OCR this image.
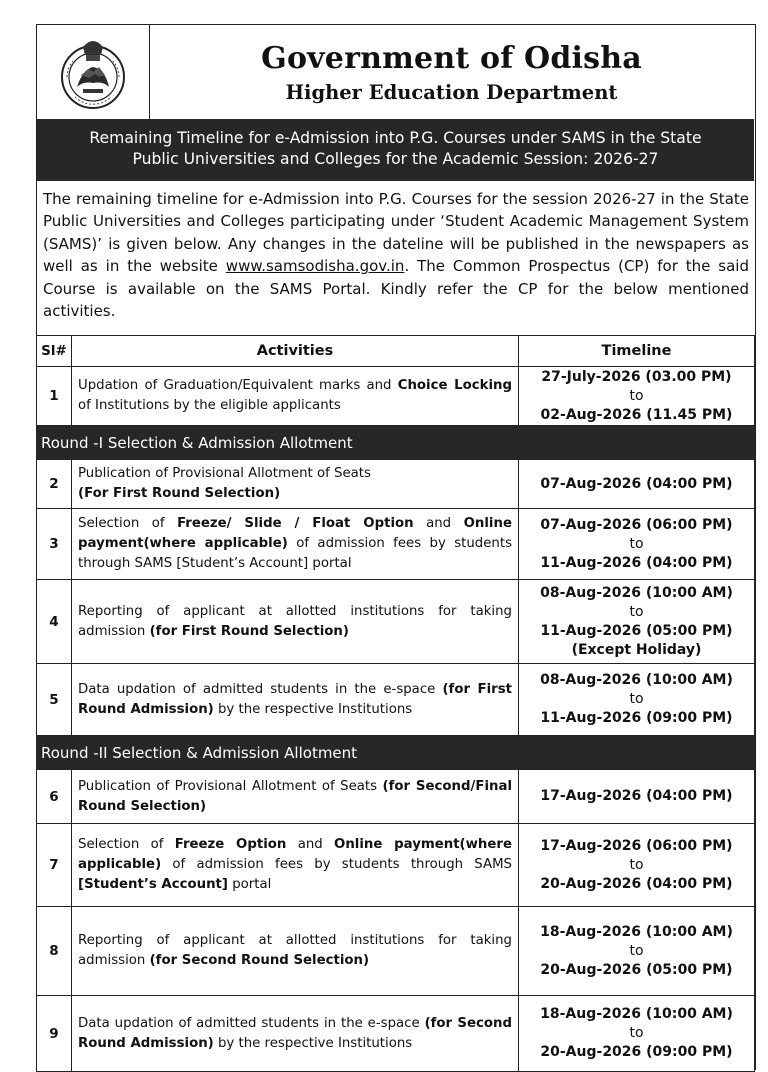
Government of Odisha
Higher Education Department
Remaining Timeline for e-Admission into P.G. Courses under SAMS in the State
Public Universities and Colleges for the Academic Session: 2026-27
The remaining timeline for e-Admission into P.G. Courses for the session 2026-27 in the State Public Universities and Colleges participating under ‘Student Academic Management System (SAMS)’ is given below. Any changes in the dateline will be published in the newspapers as well as in the website www.samsodisha.gov.in. The Common Prospectus (CP) for the said Course is available on the SAMS Portal. Kindly refer the CP for the below mentioned activities.
Sl#	Activities	Timeline
1	Updation of Graduation/Equivalent marks and Choice Locking of Institutions by the eligible applicants	27-July-2026 (03.00 PM)
to
02-Aug-2026 (11.45 PM)

Round -I Selection & Admission Allotment		
2	Publication of Provisional Allotment of Seats
(For First Round Selection)	07-Aug-2026 (04:00 PM)

3	Selection of Freeze/ Slide / Float Option and Online payment(where applicable) of admission fees by students through SAMS [Student’s Account] portal	07-Aug-2026 (06:00 PM)
to
11-Aug-2026 (04:00 PM)

4	Reporting of applicant at allotted institutions for taking admission (for First Round Selection)	08-Aug-2026 (10:00 AM)
to
11-Aug-2026 (05:00 PM)
(Except Holiday)

5	Data updation of admitted students in the e-space (for First Round Admission) by the respective Institutions	08-Aug-2026 (10:00 AM)
to
11-Aug-2026 (09:00 PM)

Round -II Selection & Admission Allotment		
6	Publication of Provisional Allotment of Seats (for Second/Final Round Selection)	17-Aug-2026 (04:00 PM)

7	Selection of Freeze Option and Online payment(where applicable) of admission fees by students through SAMS [Student’s Account] portal	17-Aug-2026 (06:00 PM)
to
20-Aug-2026 (04:00 PM)

8	Reporting of applicant at allotted institutions for taking admission (for Second Round Selection)	18-Aug-2026 (10:00 AM)
to
20-Aug-2026 (05:00 PM)

9	Data updation of admitted students in the e-space (for Second Round Admission) by the respective Institutions	18-Aug-2026 (10:00 AM)
to
20-Aug-2026 (09:00 PM)
